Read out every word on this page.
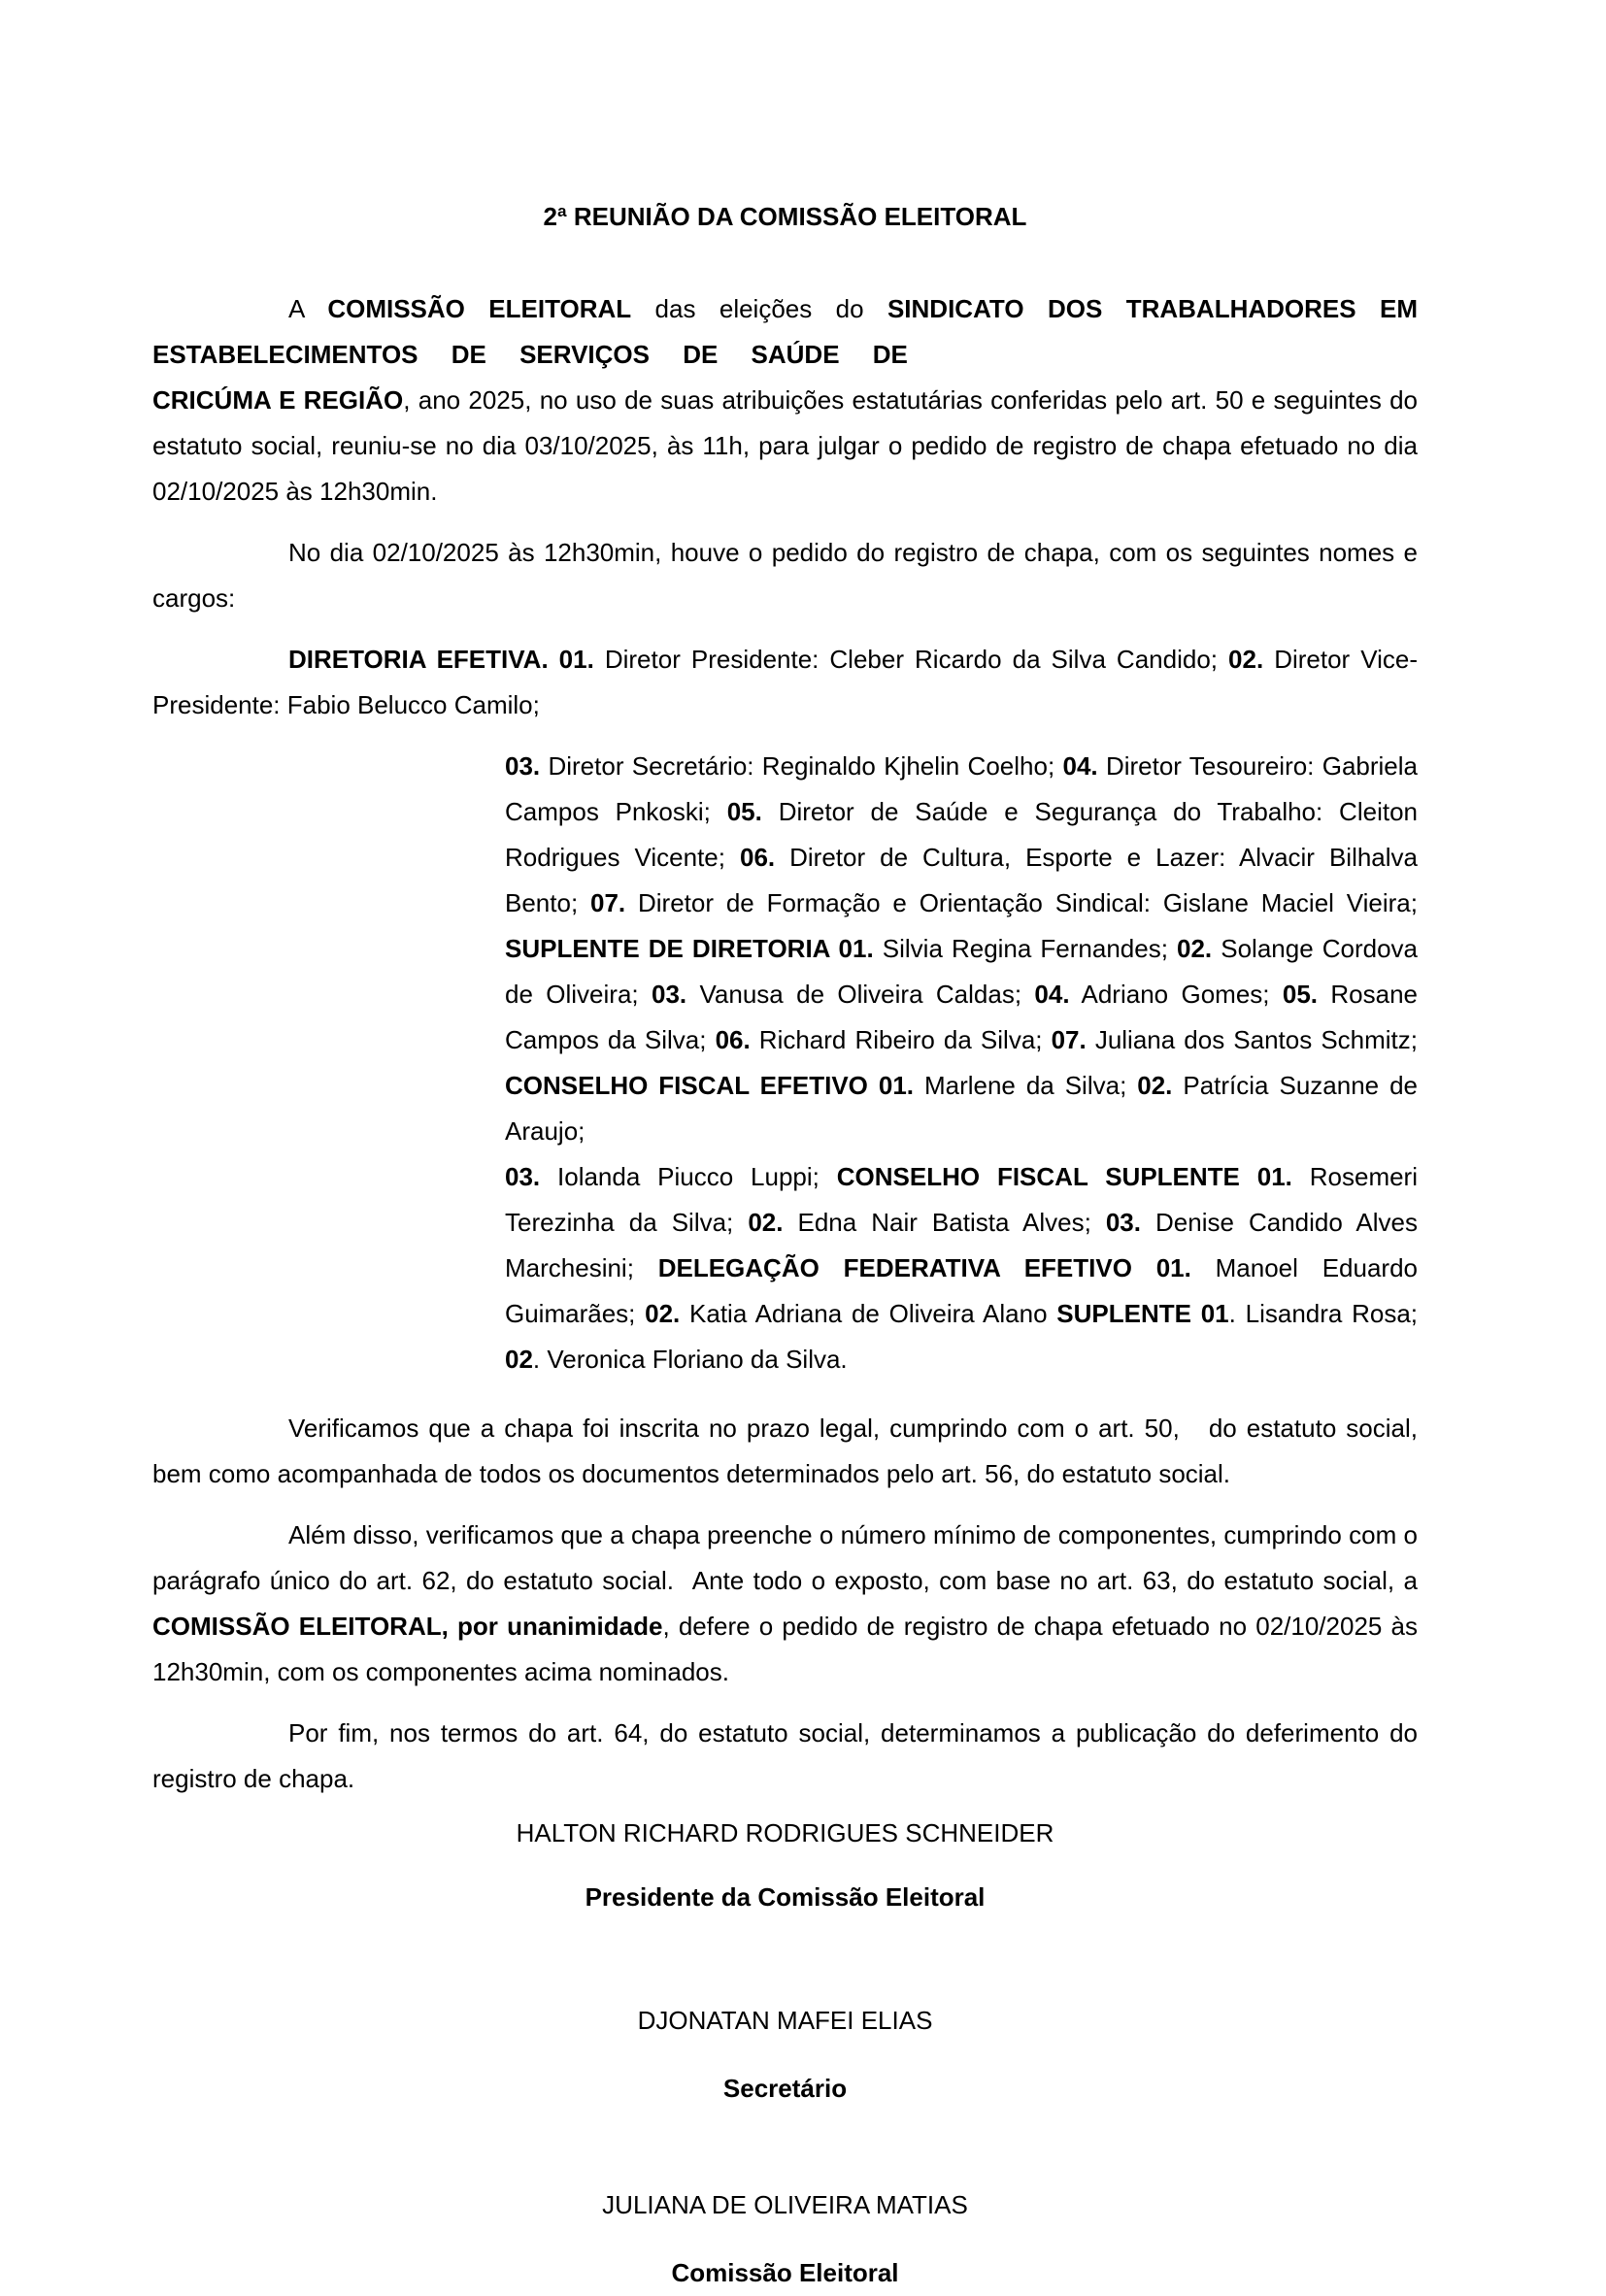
2ª REUNIÃO DA COMISSÃO ELEITORAL
A COMISSÃO ELEITORAL das eleições do SINDICATO DOS TRABALHADORES EM
ESTABELECIMENTOS DE SERVIÇOS DE SAÚDE DE
CRICÚMA E REGIÃO, ano 2025, no uso de suas atribuições estatutárias conferidas pelo art. 50 e seguintes do estatuto social, reuniu-se no dia 03/10/2025, às 11h, para julgar o pedido de registro de chapa efetuado no dia 02/10/2025 às 12h30min.
No dia 02/10/2025 às 12h30min, houve o pedido do registro de chapa, com os seguintes nomes e cargos:
DIRETORIA EFETIVA. 01. Diretor Presidente: Cleber Ricardo da Silva Candido; 02. Diretor Vice-Presidente: Fabio Belucco Camilo;
03. Diretor Secretário: Reginaldo Kjhelin Coelho; 04. Diretor Tesoureiro: Gabriela Campos Pnkoski; 05. Diretor de Saúde e Segurança do Trabalho: Cleiton Rodrigues Vicente; 06. Diretor de Cultura, Esporte e Lazer: Alvacir Bilhalva Bento; 07. Diretor de Formação e Orientação Sindical: Gislane Maciel Vieira; SUPLENTE DE DIRETORIA 01. Silvia Regina Fernandes; 02. Solange Cordova de Oliveira; 03. Vanusa de Oliveira Caldas; 04. Adriano Gomes; 05. Rosane Campos da Silva; 06. Richard Ribeiro da Silva; 07. Juliana dos Santos Schmitz; CONSELHO FISCAL EFETIVO 01. Marlene da Silva; 02. Patrícia Suzanne de Araujo;
03. Iolanda Piucco Luppi; CONSELHO FISCAL SUPLENTE 01. Rosemeri Terezinha da Silva; 02. Edna Nair Batista Alves; 03. Denise Candido Alves Marchesini; DELEGAÇÃO FEDERATIVA EFETIVO 01. Manoel Eduardo Guimarães; 02. Katia Adriana de Oliveira Alano SUPLENTE 01. Lisandra Rosa; 02. Veronica Floriano da Silva.
Verificamos que a chapa foi inscrita no prazo legal, cumprindo com o art. 50,   do estatuto social, bem como acompanhada de todos os documentos determinados pelo art. 56, do estatuto social.
Além disso, verificamos que a chapa preenche o número mínimo de componentes, cumprindo com o parágrafo único do art. 62, do estatuto social.  Ante todo o exposto, com base no art. 63, do estatuto social, a COMISSÃO ELEITORAL, por unanimidade, defere o pedido de registro de chapa efetuado no 02/10/2025 às 12h30min, com os componentes acima nominados.
Por fim, nos termos do art. 64, do estatuto social, determinamos a publicação do deferimento do registro de chapa.
HALTON RICHARD RODRIGUES SCHNEIDER
Presidente da Comissão Eleitoral
DJONATAN MAFEI ELIAS
Secretário
JULIANA DE OLIVEIRA MATIAS
Comissão Eleitoral
